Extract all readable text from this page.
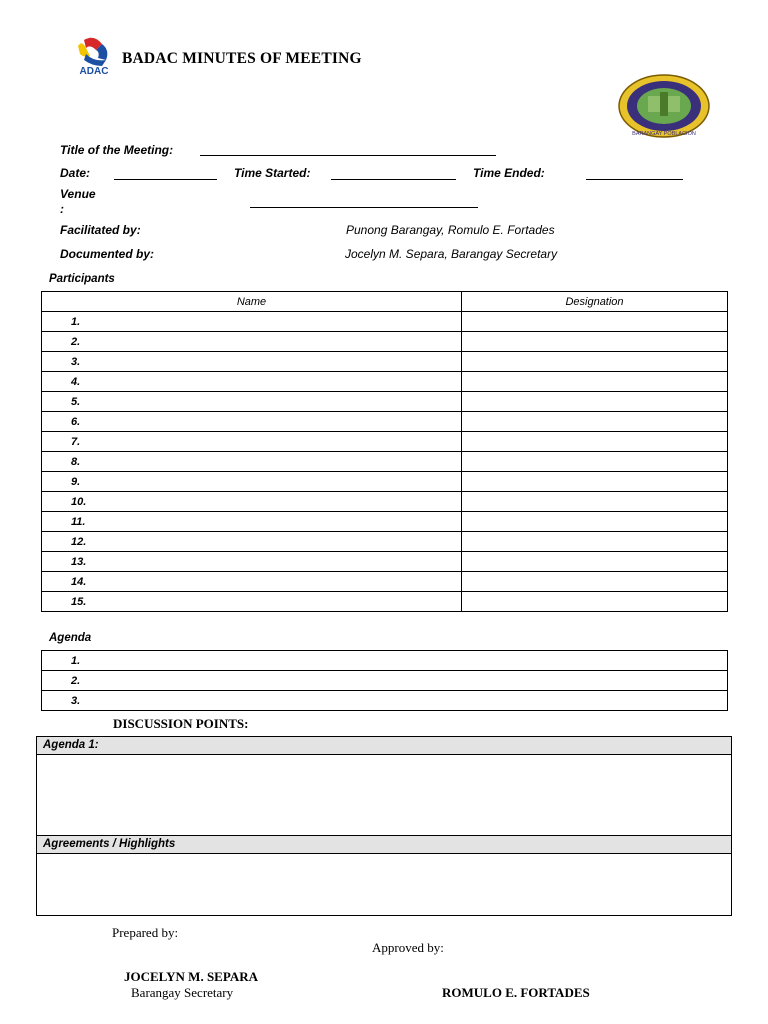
ADAC
BADAC MINUTES OF MEETING
BARANGAY POBLACION
Title of the Meeting:
Date:	Time Started:	Time Ended:
Venue
:
Facilitated by:	Punong Barangay, Romulo E. Fortades
Documented by:	Jocelyn M. Separa, Barangay Secretary
Participants
Name	Designation
1.	
2.	
3.	
4.	
5.	
6.	
7.	
8.	
9.	
10.	
11.	
12.	
13.	
14.	
15.	
Agenda
1.
2.
3.
DISCUSSION POINTS:
Agenda 1:
Agreements / Highlights
Prepared by:
Approved by:
JOCELYN M. SEPARA
Barangay Secretary	ROMULO E. FORTADES
